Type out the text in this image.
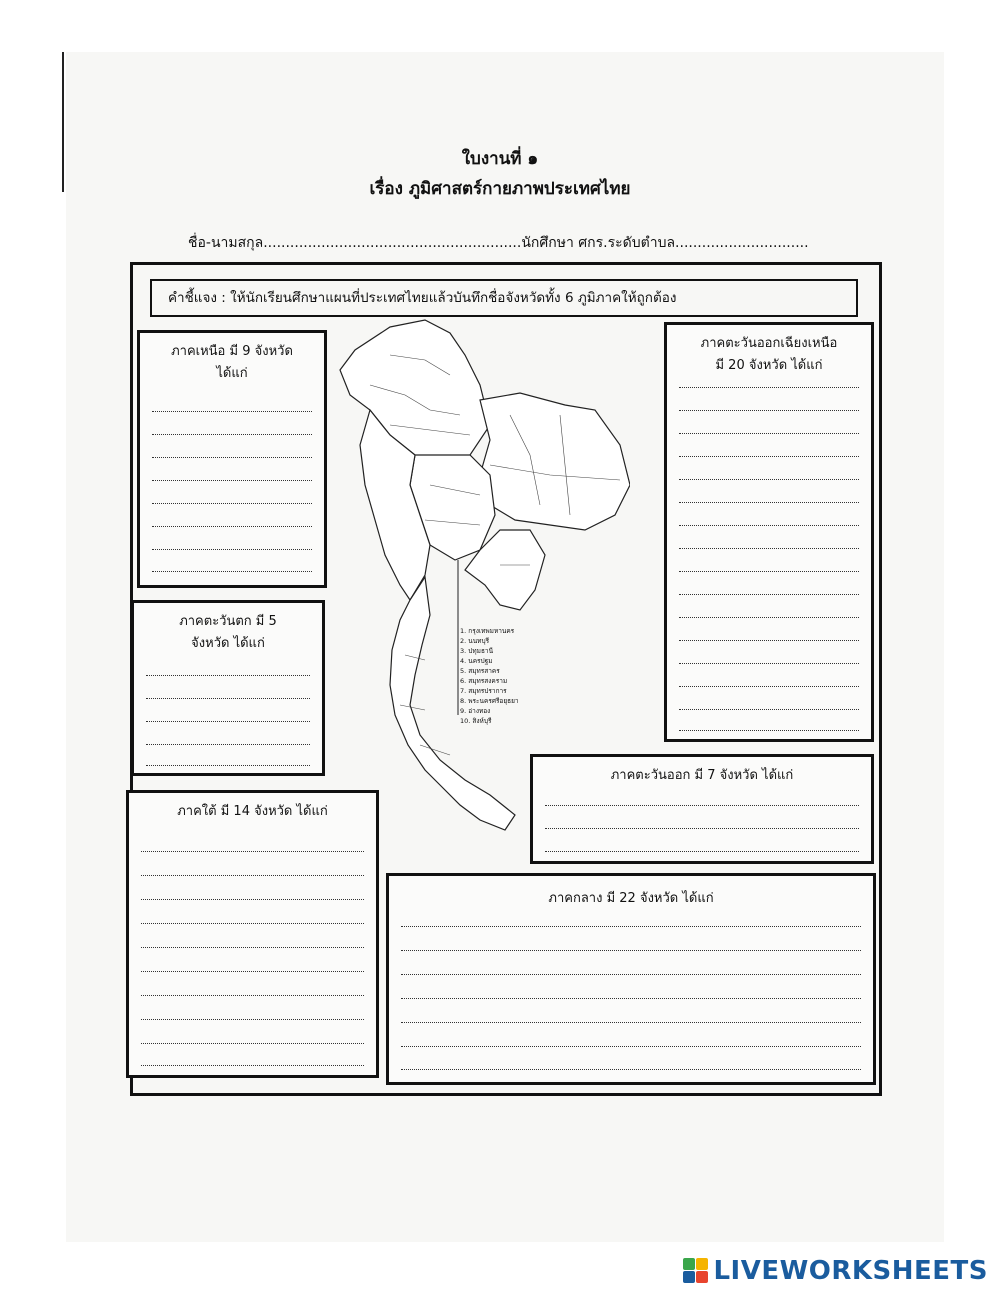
ใบงานที่ ๑
เรื่อง ภูมิศาสตร์กายภาพประเทศไทย
ชื่อ-นามสกุล..........................................................นักศึกษา ศกร.ระดับตำบล..............................
คำชี้แจง : ให้นักเรียนศึกษาแผนที่ประเทศไทยแล้วบันทึกชื่อจังหวัดทั้ง 6 ภูมิภาคให้ถูกต้อง
ภาคเหนือ มี 9 จังหวัด
ได้แก่
ภาคตะวันตก มี 5
จังหวัด ได้แก่
ภาคใต้ มี 14 จังหวัด ได้แก่
ภาคตะวันออกเฉียงเหนือ
มี 20 จังหวัด ได้แก่
ภาคตะวันออก มี 7 จังหวัด ได้แก่
ภาคกลาง มี 22 จังหวัด ได้แก่
1. กรุงเทพมหานคร
2. นนทบุรี
3. ปทุมธานี
4. นครปฐม
5. สมุทรสาคร
6. สมุทรสงคราม
7. สมุทรปราการ
8. พระนครศรีอยุธยา
9. อ่างทอง
10. สิงห์บุรี
LIVEWORKSHEETS
